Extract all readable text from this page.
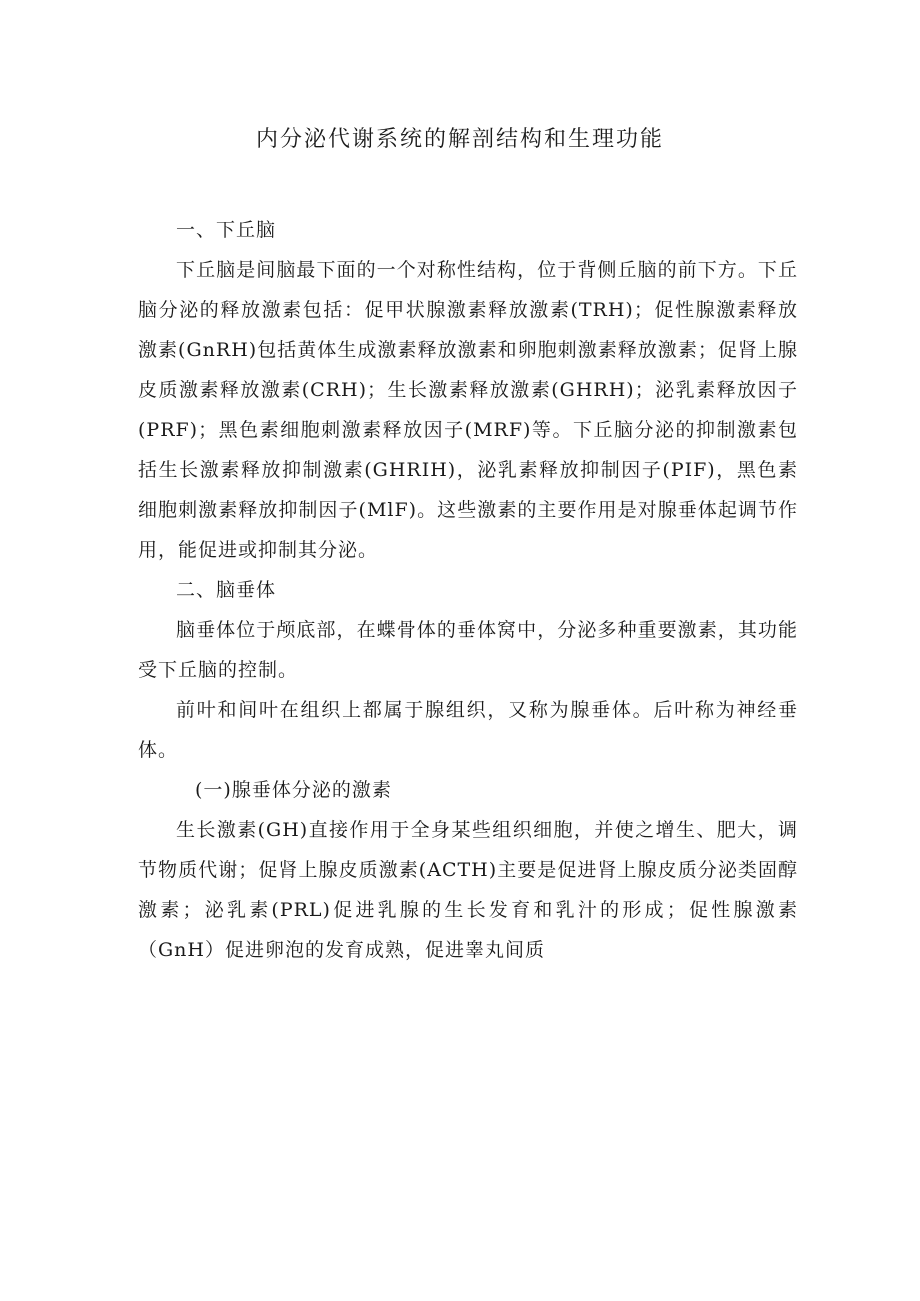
内分泌代谢系统的解剖结构和生理功能

一、下丘脑

下丘脑是间脑最下面的一个对称性结构，位于背侧丘脑的前下方。下丘脑分泌的释放激素包括：促甲状腺激素释放激素(TRH)；促性腺激素释放激素(GnRH)包括黄体生成激素释放激素和卵胞刺激素释放激素；促肾上腺皮质激素释放激素(CRH)；生长激素释放激素(GHRH)；泌乳素释放因子(PRF)；黑色素细胞刺激素释放因子(MRF)等。下丘脑分泌的抑制激素包括生长激素释放抑制激素(GHRIH)，泌乳素释放抑制因子(PIF)，黑色素细胞刺激素释放抑制因子(MlF)。这些激素的主要作用是对腺垂体起调节作用，能促进或抑制其分泌。

二、脑垂体

脑垂体位于颅底部，在蝶骨体的垂体窝中，分泌多种重要激素，其功能受下丘脑的控制。

前叶和间叶在组织上都属于腺组织，又称为腺垂体。后叶称为神经垂体。

(一)腺垂体分泌的激素

生长激素(GH)直接作用于全身某些组织细胞，并使之增生、肥大，调节物质代谢；促肾上腺皮质激素(ACTH)主要是促进肾上腺皮质分泌类固醇激素；泌乳素(PRL)促进乳腺的生长发育和乳汁的形成；促性腺激素（GnH）促进卵泡的发育成熟，促进睾丸间质
